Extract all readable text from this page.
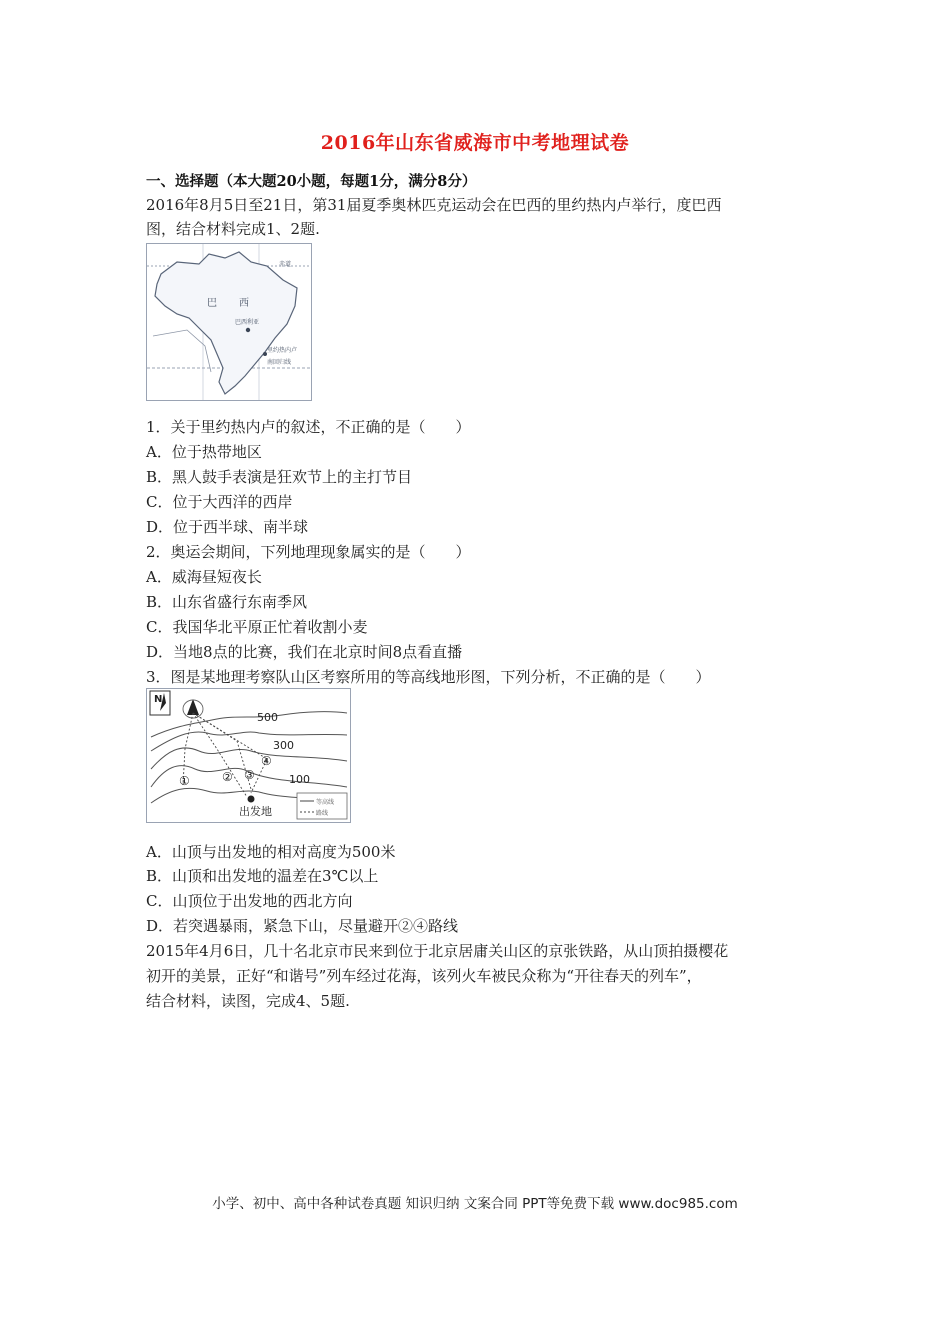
2016年山东省威海市中考地理试卷
一、选择题（本大题20小题，每题1分，满分8分）
2016年8月5日至21日，第31届夏季奥林匹克运动会在巴西的里约热内卢举行，度巴西
图，结合材料完成1、2题.
巴 西
巴西利亚
赤道
里约热内卢
南回归线
1．关于里约热内卢的叙述，不正确的是（　　）
A．位于热带地区
B．黑人鼓手表演是狂欢节上的主打节目
C．位于大西洋的西岸
D．位于西半球、南半球
2．奥运会期间，下列地理现象属实的是（　　）
A．威海昼短夜长
B．山东省盛行东南季风
C．我国华北平原正忙着收割小麦
D．当地8点的比赛，我们在北京时间8点看直播
3．图是某地理考察队山区考察所用的等高线地形图，下列分析，不正确的是（　　）
N
500
300
100
①	② ③
④
出发地
等高线
路线
A．山顶与出发地的相对高度为500米
B．山顶和出发地的温差在3℃以上
C．山顶位于出发地的西北方向
D．若突遇暴雨，紧急下山，尽量避开②④路线
2015年4月6日，几十名北京市民来到位于北京居庸关山区的京张铁路，从山顶拍摄樱花
初开的美景，正好“和谐号”列车经过花海，该列火车被民众称为“开往春天的列车”，
结合材料，读图，完成4、5题.
小学、初中、高中各种试卷真题 知识归纳 文案合同 PPT等免费下载 www.doc985.com
